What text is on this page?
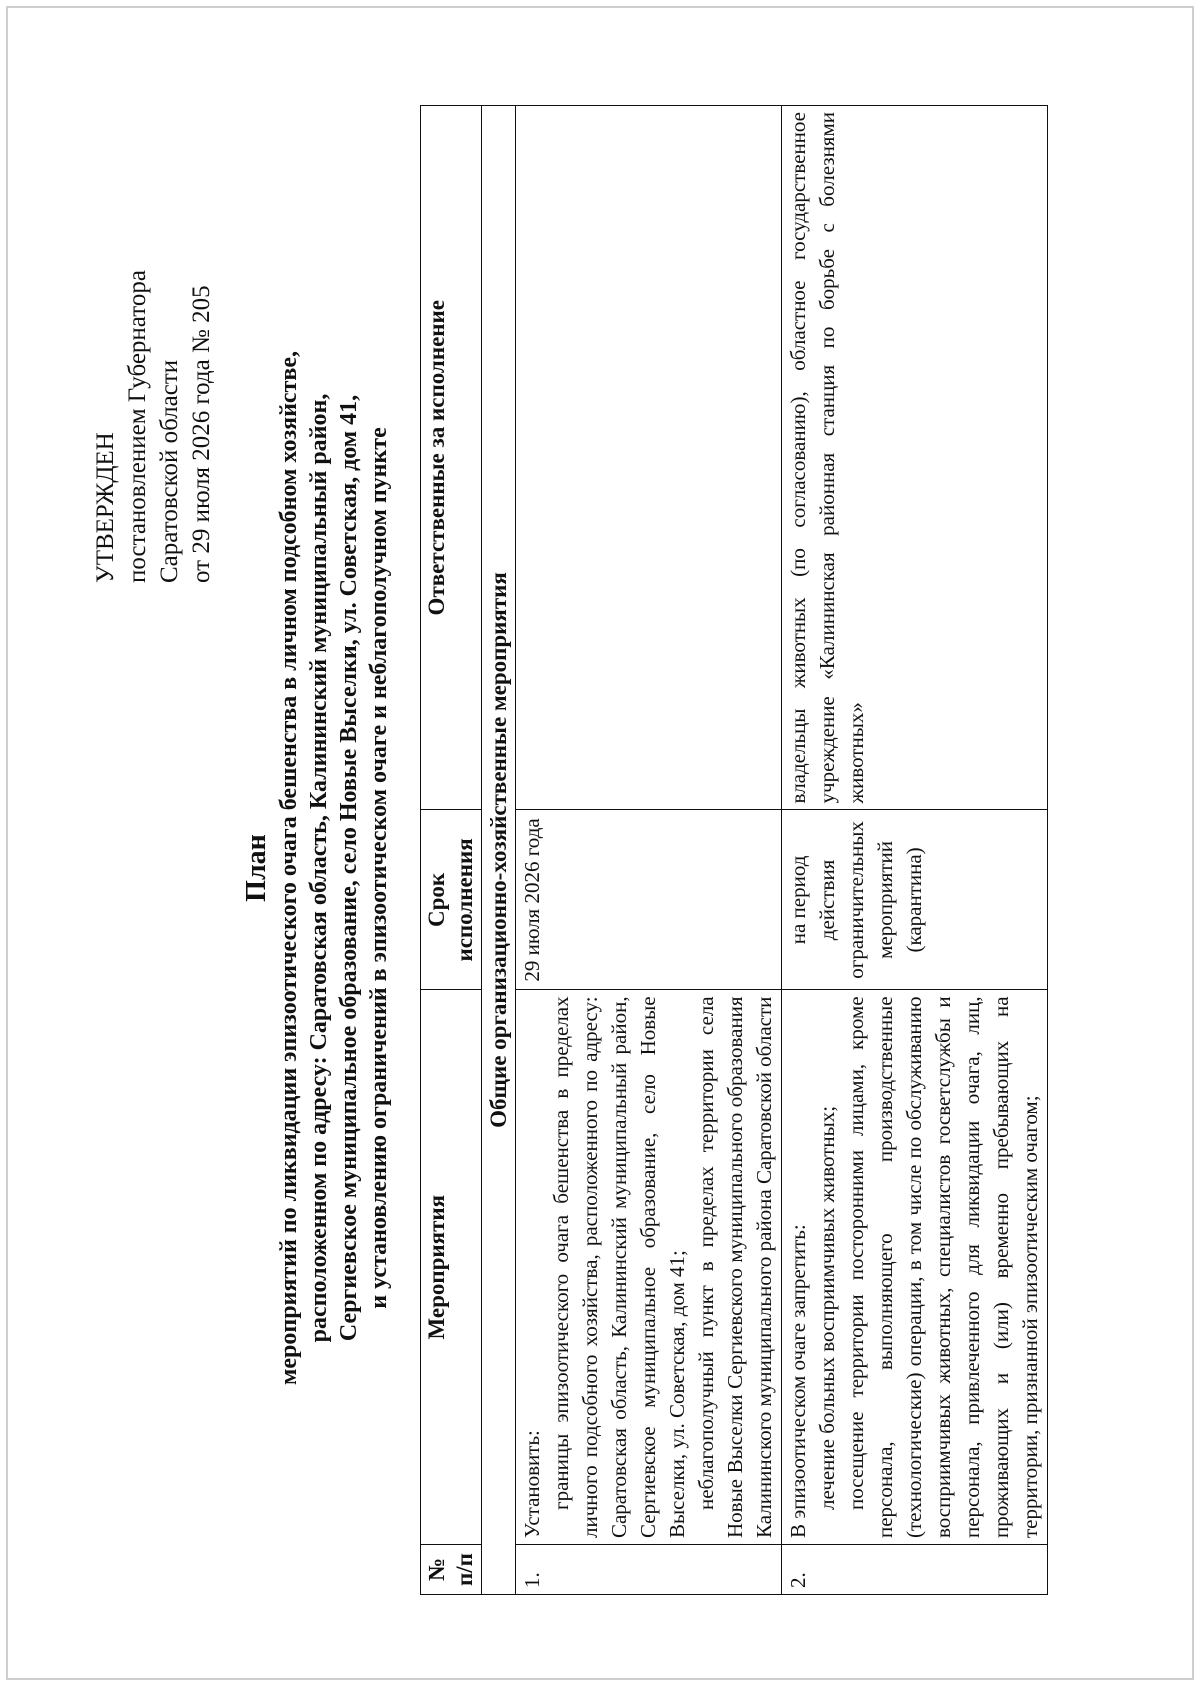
УТВЕРЖДЕН постановлением Губернатора Саратовской области от 29 июля 2026 года № 205
План мероприятий по ликвидации эпизоотического очага бешенства в личном подсобном хозяйстве, расположенном по адресу: Саратовская область, Калининский муниципальный район, Сергиевское муниципальное образование, село Новые Выселки, ул. Советская, дом 41, и установлению ограничений в эпизоотическом очаге и неблагополучном пункте
№ п/п	Мероприятия	Срок исполнения	Ответственные за исполнение
Общие организационно-хозяйственные мероприятия			
1.	Установить: границы эпизоотического очага бешенства в пределах личного подсобного хозяйства, расположенного по адресу: Саратовская область, Калининский муниципальный район, Сергиевское муниципальное образование, село Новые Выселки, ул. Советская, дом 41; неблагополучный пункт в пределах территории села Новые Выселки Сергиевского муниципального образования Калининского муниципального района Саратовской области	29 июля 2026 года	
2.	В эпизоотическом очаге запретить: лечение больных восприимчивых животных; посещение территории посторонними лицами, кроме персонала, выполняющего производственные (технологические) операции, в том числе по обслуживанию восприимчивых животных, специалистов госветслужбы и персонала, привлеченного для ликвидации очага, лиц, проживающих и (или) временно пребывающих на территории, признанной эпизоотическим очагом;	на период действия ограничительных мероприятий (карантина)	владельцы животных (по согласованию), областное государственное учреждение «Калининская районная станция по борьбе с болезнями животных»
